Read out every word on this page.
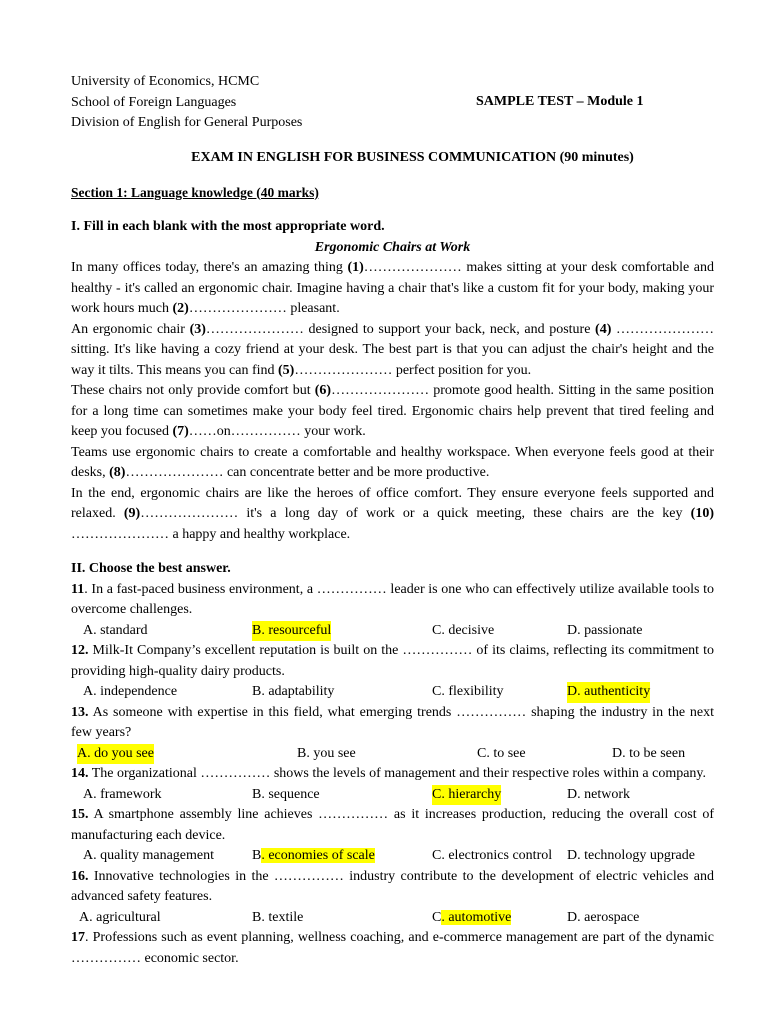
University of Economics, HCMC
School of Foreign Languages
Division of English for General Purposes
SAMPLE TEST – Module 1
EXAM IN ENGLISH FOR BUSINESS COMMUNICATION (90 minutes)
Section 1: Language knowledge (40 marks)
I. Fill in each blank with the most appropriate word.
Ergonomic Chairs at Work
In many offices today, there's an amazing thing (1)………………… makes sitting at your desk comfortable and healthy - it's called an ergonomic chair. Imagine having a chair that's like a custom fit for your body, making your work hours much (2)………………… pleasant.
An ergonomic chair (3)………………… designed to support your back, neck, and posture (4) ………………… sitting. It's like having a cozy friend at your desk. The best part is that you can adjust the chair's height and the way it tilts. This means you can find (5)………………… perfect position for you.
These chairs not only provide comfort but (6)………………… promote good health. Sitting in the same position for a long time can sometimes make your body feel tired. Ergonomic chairs help prevent that tired feeling and keep you focused (7)……on…………… your work.
Teams use ergonomic chairs to create a comfortable and healthy workspace. When everyone feels good at their desks, (8)………………… can concentrate better and be more productive.
In the end, ergonomic chairs are like the heroes of office comfort. They ensure everyone feels supported and relaxed. (9)………………… it's a long day of work or a quick meeting, these chairs are the key (10) ………………… a happy and healthy workplace.
II. Choose the best answer.
11. In a fast-paced business environment, a …………… leader is one who can effectively utilize available tools to overcome challenges.
A. standard	B. resourceful	C. decisive	D. passionate
12. Milk-It Company’s excellent reputation is built on the …………… of its claims, reflecting its commitment to providing high-quality dairy products.
A. independence	B. adaptability	C. flexibility	D. authenticity
13. As someone with expertise in this field, what emerging trends …………… shaping the industry in the next few years?
A. do you see	B. you see	C. to see	D. to be seen
14. The organizational …………… shows the levels of management and their respective roles within a company.
A. framework	B. sequence	C. hierarchy	D. network
15. A smartphone assembly line achieves …………… as it increases production, reducing the overall cost of manufacturing each device.
A. quality management	B. economies of scale	C. electronics control D. technology upgrade
16. Innovative technologies in the …………… industry contribute to the development of electric vehicles and advanced safety features.
A. agricultural	B. textile	C. automotive	D. aerospace
17. Professions such as event planning, wellness coaching, and e-commerce management are part of the dynamic …………… economic sector.
